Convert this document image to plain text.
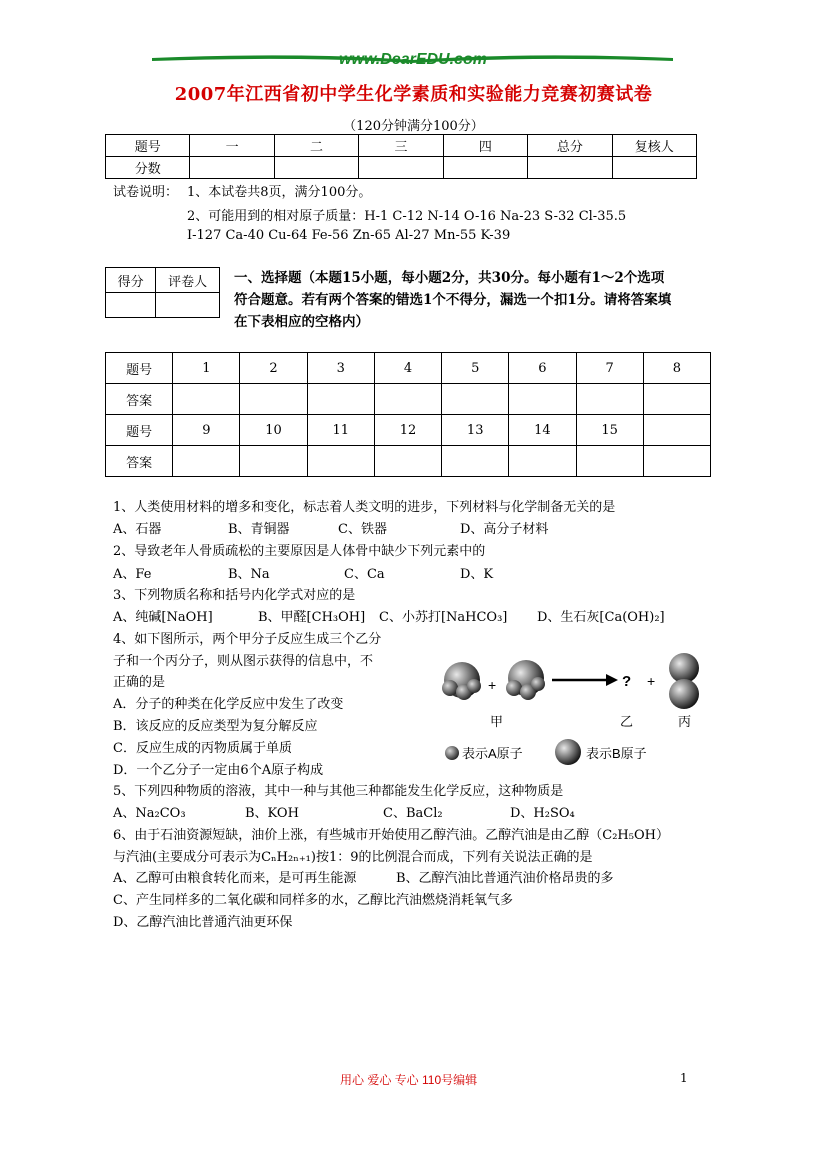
www.DearEDU.com
2007年江西省初中学生化学素质和实验能力竞赛初赛试卷
（120分钟满分100分）
题号	一	二	三	四	总分	复核人
分数						
试卷说明： 1、本试卷共8页，满分100分。
2、可能用到的相对原子质量：H-1 C-12 N-14 O-16 Na-23 S-32 Cl-35.5
I-127 Ca-40 Cu-64 Fe-56 Zn-65 Al-27 Mn-55 K-39
得分	评卷人
	一、选择题（本题15小题，每小题2分，共30分。每小题有1～2个选项
符合题意。若有两个答案的错选1个不得分，漏选一个扣1分。请将答案填
在下表相应的空格内）
题号	1	2	3	4	5	6	7	8
答案								
题号	9	10	11	12	13	14	15	
答案								
1、人类使用材料的增多和变化，标志着人类文明的进步，下列材料与化学制备无关的是
A、石器	B、青铜器	C、铁器	D、高分子材料
2、导致老年人骨质疏松的主要原因是人体骨中缺少下列元素中的
A、Fe	B、Na	C、Ca	D、K
3、下列物质名称和括号内化学式对应的是
A、纯碱[NaOH]	B、甲醛[CH₃OH] C、小苏打[NaHCO₃] D、生石灰[Ca(OH)₂]
4、如下图所示，两个甲分子反应生成三个乙分
子和一个丙分子，则从图示获得的信息中，不
正确的是
A．分子的种类在化学反应中发生了改变
B．该反应的反应类型为复分解反应
C．反应生成的丙物质属于单质
D．一个乙分子一定由6个A原子构成
+	? +
甲	乙	丙
表示A原子	表示B原子
5、下列四种物质的溶液，其中一种与其他三种都能发生化学反应，这种物质是
A、Na₂CO₃	B、KOH	C、BaCl₂	D、H₂SO₄
6、由于石油资源短缺，油价上涨，有些城市开始使用乙醇汽油。乙醇汽油是由乙醇（C₂H₅OH）
与汽油(主要成分可表示为CₙH₂ₙ₊₁)按1：9的比例混合而成，下列有关说法正确的是
A、乙醇可由粮食转化而来，是可再生能源	B、乙醇汽油比普通汽油价格昂贵的多
C、产生同样多的二氧化碳和同样多的水，乙醇比汽油燃烧消耗氧气多
D、乙醇汽油比普通汽油更环保
用心 爱心 专心 110号编辑	1
